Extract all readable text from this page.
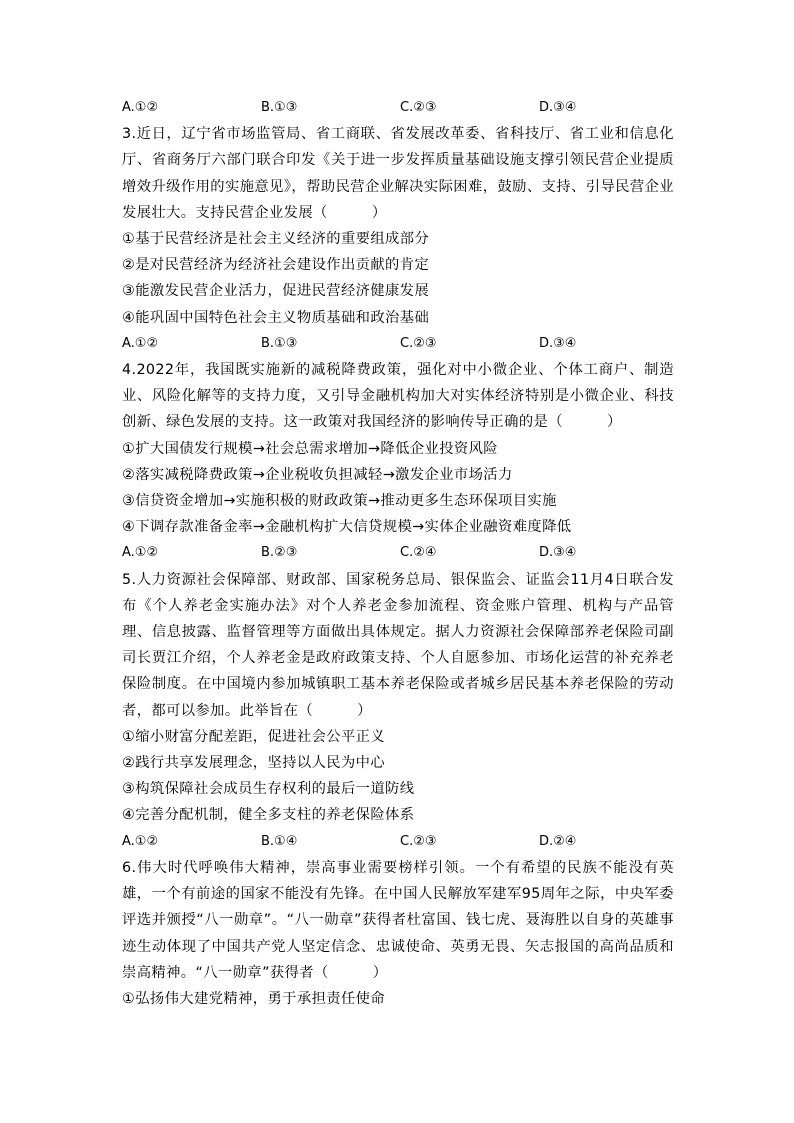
A.①②	B.①③	C.②③	D.③④
3.近日，辽宁省市场监管局、省工商联、省发展改革委、省科技厅、省工业和信息化厅、省商务厅六部门联合印发《关于进一步发挥质量基础设施支撑引领民营企业提质增效升级作用的实施意见》，帮助民营企业解决实际困难，鼓励、支持、引导民营企业发展壮大。支持民营企业发展（　　　）
①基于民营经济是社会主义经济的重要组成部分
②是对民营经济为经济社会建设作出贡献的肯定
③能激发民营企业活力，促进民营经济健康发展
④能巩固中国特色社会主义物质基础和政治基础
A.①②	B.①③	C.②③	D.③④
4.2022年，我国既实施新的减税降费政策，强化对中小微企业、个体工商户、制造业、风险化解等的支持力度，又引导金融机构加大对实体经济特别是小微企业、科技创新、绿色发展的支持。这一政策对我国经济的影响传导正确的是（　　　）
①扩大国债发行规模→社会总需求增加→降低企业投资风险
②落实减税降费政策→企业税收负担减轻→激发企业市场活力
③信贷资金增加→实施积极的财政政策→推动更多生态环保项目实施
④下调存款准备金率→金融机构扩大信贷规模→实体企业融资难度降低
A.①②	B.②③	C.②④	D.③④
5.人力资源社会保障部、财政部、国家税务总局、银保监会、证监会11月4日联合发布《个人养老金实施办法》对个人养老金参加流程、资金账户管理、机构与产品管理、信息披露、监督管理等方面做出具体规定。据人力资源社会保障部养老保险司副司长贾江介绍，个人养老金是政府政策支持、个人自愿参加、市场化运营的补充养老保险制度。在中国境内参加城镇职工基本养老保险或者城乡居民基本养老保险的劳动者，都可以参加。此举旨在（　　　）
①缩小财富分配差距，促进社会公平正义
②践行共享发展理念，坚持以人民为中心
③构筑保障社会成员生存权利的最后一道防线
④完善分配机制，健全多支柱的养老保险体系
A.①②	B.①④	C.②③	D.②④
6.伟大时代呼唤伟大精神，崇高事业需要榜样引领。一个有希望的民族不能没有英雄，一个有前途的国家不能没有先锋。在中国人民解放军建军95周年之际，中央军委评选并颁授“八一勋章”。“八一勋章”获得者杜富国、钱七虎、聂海胜以自身的英雄事迹生动体现了中国共产党人坚定信念、忠诚使命、英勇无畏、矢志报国的高尚品质和崇高精神。“八一勋章”获得者（　　　）
①弘扬伟大建党精神，勇于承担责任使命
